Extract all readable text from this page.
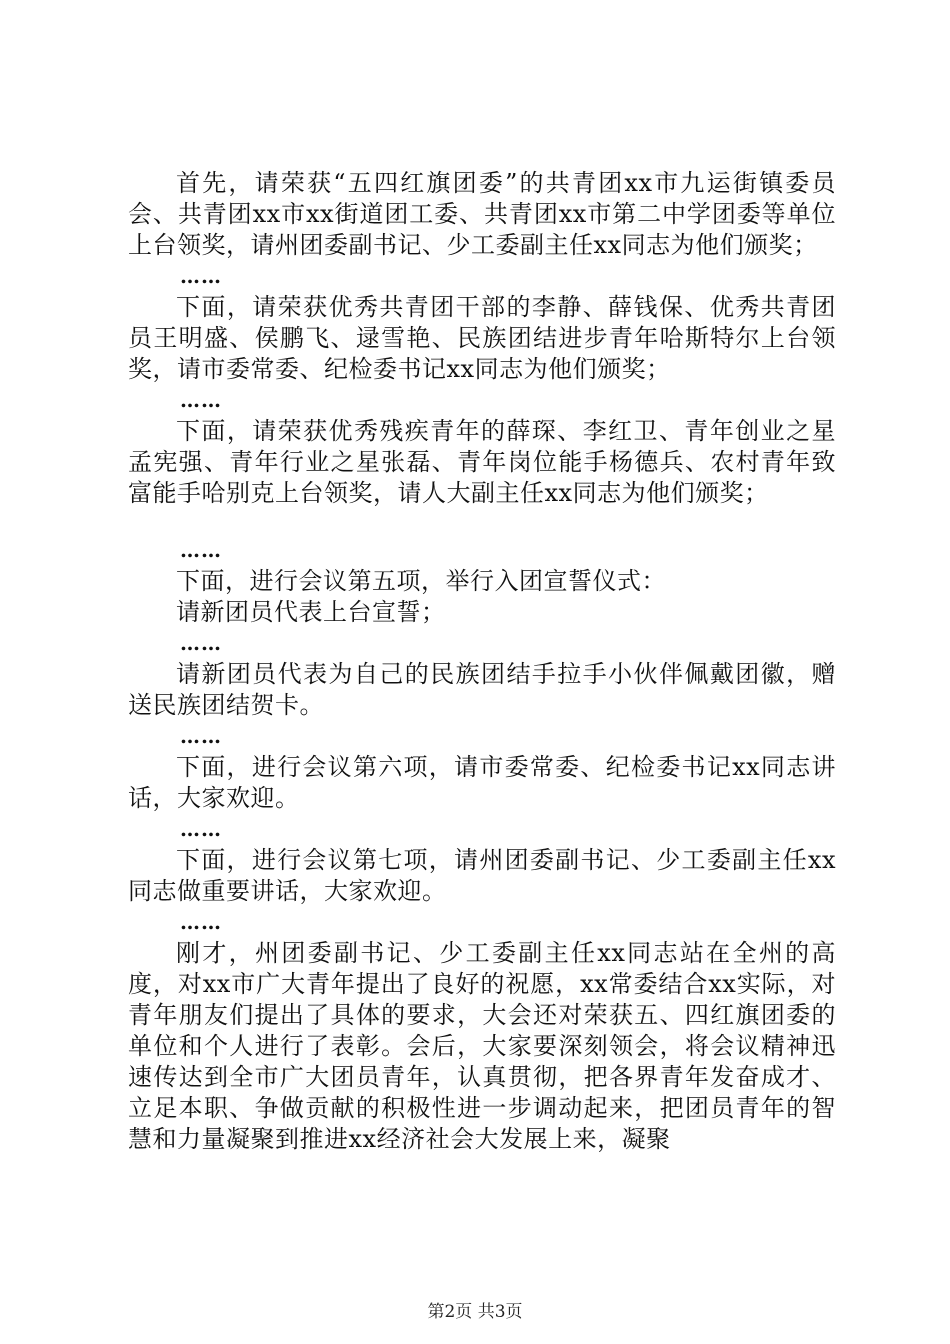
首先，请荣获“五四红旗团委”的共青团xx市九运街镇委员会、共青团xx市xx街道团工委、共青团xx市第二中学团委等单位上台领奖，请州团委副书记、少工委副主任xx同志为他们颁奖；

……

下面，请荣获优秀共青团干部的李静、薛钱保、优秀共青团员王明盛、侯鹏飞、逯雪艳、民族团结进步青年哈斯特尔上台领奖，请市委常委、纪检委书记xx同志为他们颁奖；

……

下面，请荣获优秀残疾青年的薛琛、李红卫、青年创业之星孟宪强、青年行业之星张磊、青年岗位能手杨德兵、农村青年致富能手哈别克上台领奖，请人大副主任xx同志为他们颁奖；

……

下面，进行会议第五项，举行入团宣誓仪式：

请新团员代表上台宣誓；

……

请新团员代表为自己的民族团结手拉手小伙伴佩戴团徽，赠送民族团结贺卡。

……

下面，进行会议第六项，请市委常委、纪检委书记xx同志讲话，大家欢迎。

……

下面，进行会议第七项，请州团委副书记、少工委副主任xx同志做重要讲话，大家欢迎。

……

刚才，州团委副书记、少工委副主任xx同志站在全州的高度，对xx市广大青年提出了良好的祝愿，xx常委结合xx实际，对青年朋友们提出了具体的要求，大会还对荣获五、四红旗团委的单位和个人进行了表彰。会后，大家要深刻领会，将会议精神迅速传达到全市广大团员青年，认真贯彻，把各界青年发奋成才、立足本职、争做贡献的积极性进一步调动起来，把团员青年的智慧和力量凝聚到推进xx经济社会大发展上来，凝聚

第2页 共3页
